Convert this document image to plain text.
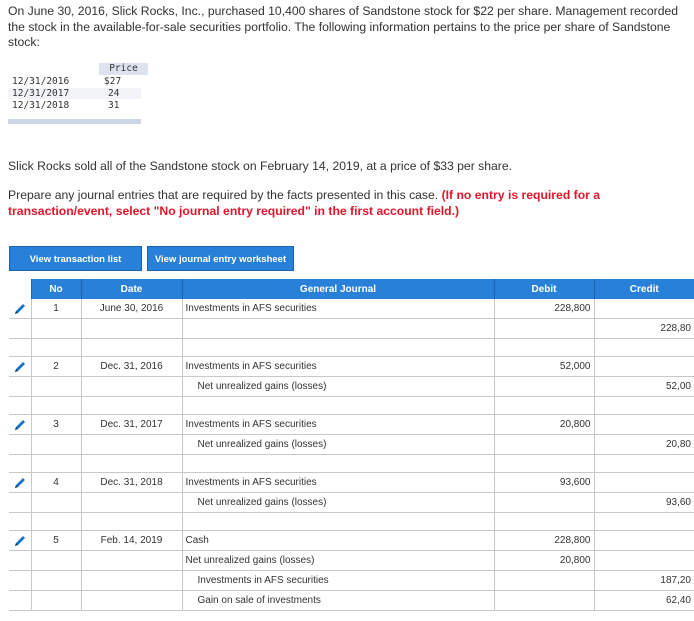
On June 30, 2016, Slick Rocks, Inc., purchased 10,400 shares of Sandstone stock for $22 per share. Management recorded the stock in the available-for-sale securities portfolio. The following information pertains to the price per share of Sandstone stock:
Price
12/31/2016	$27
12/31/2017	24
12/31/2018	31
Slick Rocks sold all of the Sandstone stock on February 14, 2019, at a price of $33 per share.
Prepare any journal entries that are required by the facts presented in this case. (If no entry is required for a transaction/event, select "No journal entry required" in the first account field.)
View transaction list	View journal entry worksheet
	No	Date	General Journal	Debit	Credit
	1	June 30, 2016	Investments in AFS securities	228,800	
					228,80

	2	Dec. 31, 2016	Investments in AFS securities	52,000	
			Net unrealized gains (losses)		52,00

	3	Dec. 31, 2017	Investments in AFS securities	20,800	
			Net unrealized gains (losses)		20,80

	4	Dec. 31, 2018	Investments in AFS securities	93,600	
			Net unrealized gains (losses)		93,60

	5	Feb. 14, 2019	Cash	228,800	
			Net unrealized gains (losses)	20,800	
			Investments in AFS securities		187,20
			Gain on sale of investments		62,40
